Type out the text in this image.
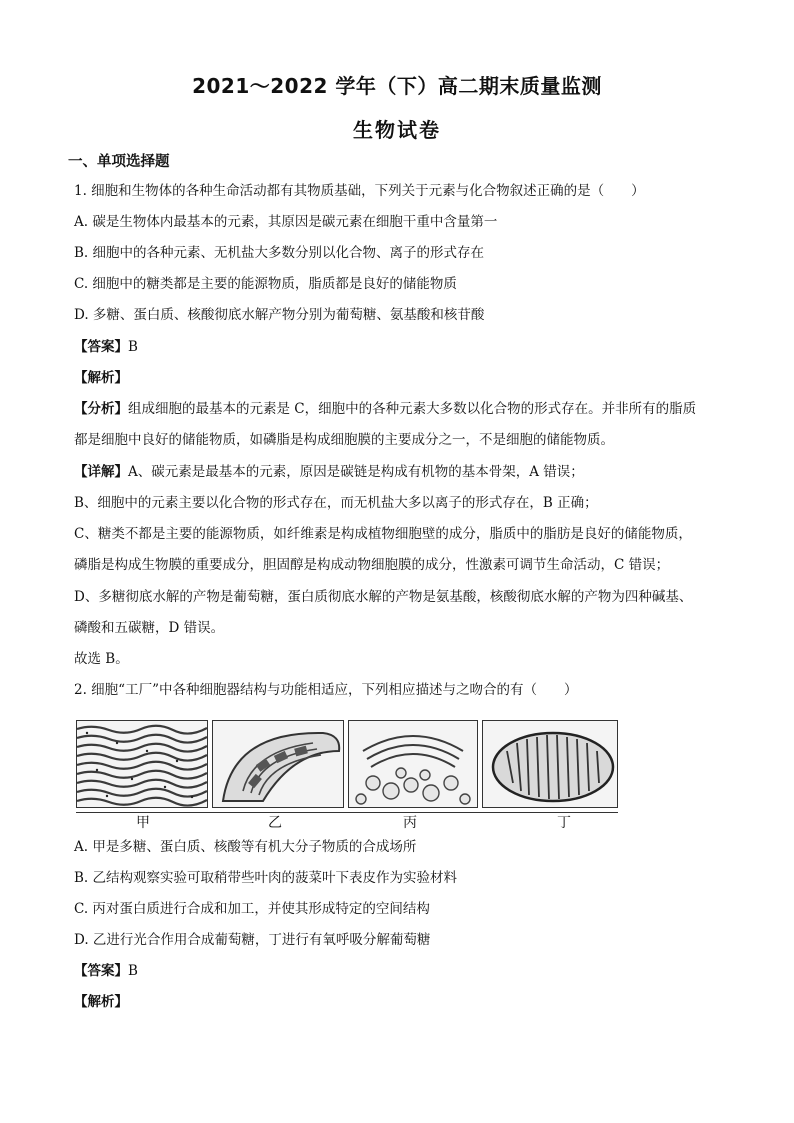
2021～2022 学年（下）高二期末质量监测
生物试卷
一、单项选择题

1. 细胞和生物体的各种生命活动都有其物质基础，下列关于元素与化合物叙述正确的是（　　）

A. 碳是生物体内最基本的元素，其原因是碳元素在细胞干重中含量第一

B. 细胞中的各种元素、无机盐大多数分别以化合物、离子的形式存在

C. 细胞中的糖类都是主要的能源物质，脂质都是良好的储能物质

D. 多糖、蛋白质、核酸彻底水解产物分别为葡萄糖、氨基酸和核苷酸

【答案】B

【解析】

【分析】组成细胞的最基本的元素是 C，细胞中的各种元素大多数以化合物的形式存在。并非所有的脂质

都是细胞中良好的储能物质，如磷脂是构成细胞膜的主要成分之一，不是细胞的储能物质。

【详解】A、碳元素是最基本的元素，原因是碳链是构成有机物的基本骨架，A 错误；

B、细胞中的元素主要以化合物的形式存在，而无机盐大多以离子的形式存在，B 正确；

C、糖类不都是主要的能源物质，如纤维素是构成植物细胞壁的成分，脂质中的脂肪是良好的储能物质，

磷脂是构成生物膜的重要成分，胆固醇是构成动物细胞膜的成分，性激素可调节生命活动，C 错误；

D、多糖彻底水解的产物是葡萄糖，蛋白质彻底水解的产物是氨基酸，核酸彻底水解的产物为四种碱基、

磷酸和五碳糖，D 错误。

故选 B。

2. 细胞“工厂”中各种细胞器结构与功能相适应，下列相应描述与之吻合的有（　　）

甲	乙	丙	丁

A. 甲是多糖、蛋白质、核酸等有机大分子物质的合成场所

B. 乙结构观察实验可取稍带些叶肉的菠菜叶下表皮作为实验材料

C. 丙对蛋白质进行合成和加工，并使其形成特定的空间结构

D. 乙进行光合作用合成葡萄糖，丁进行有氧呼吸分解葡萄糖

【答案】B

【解析】
